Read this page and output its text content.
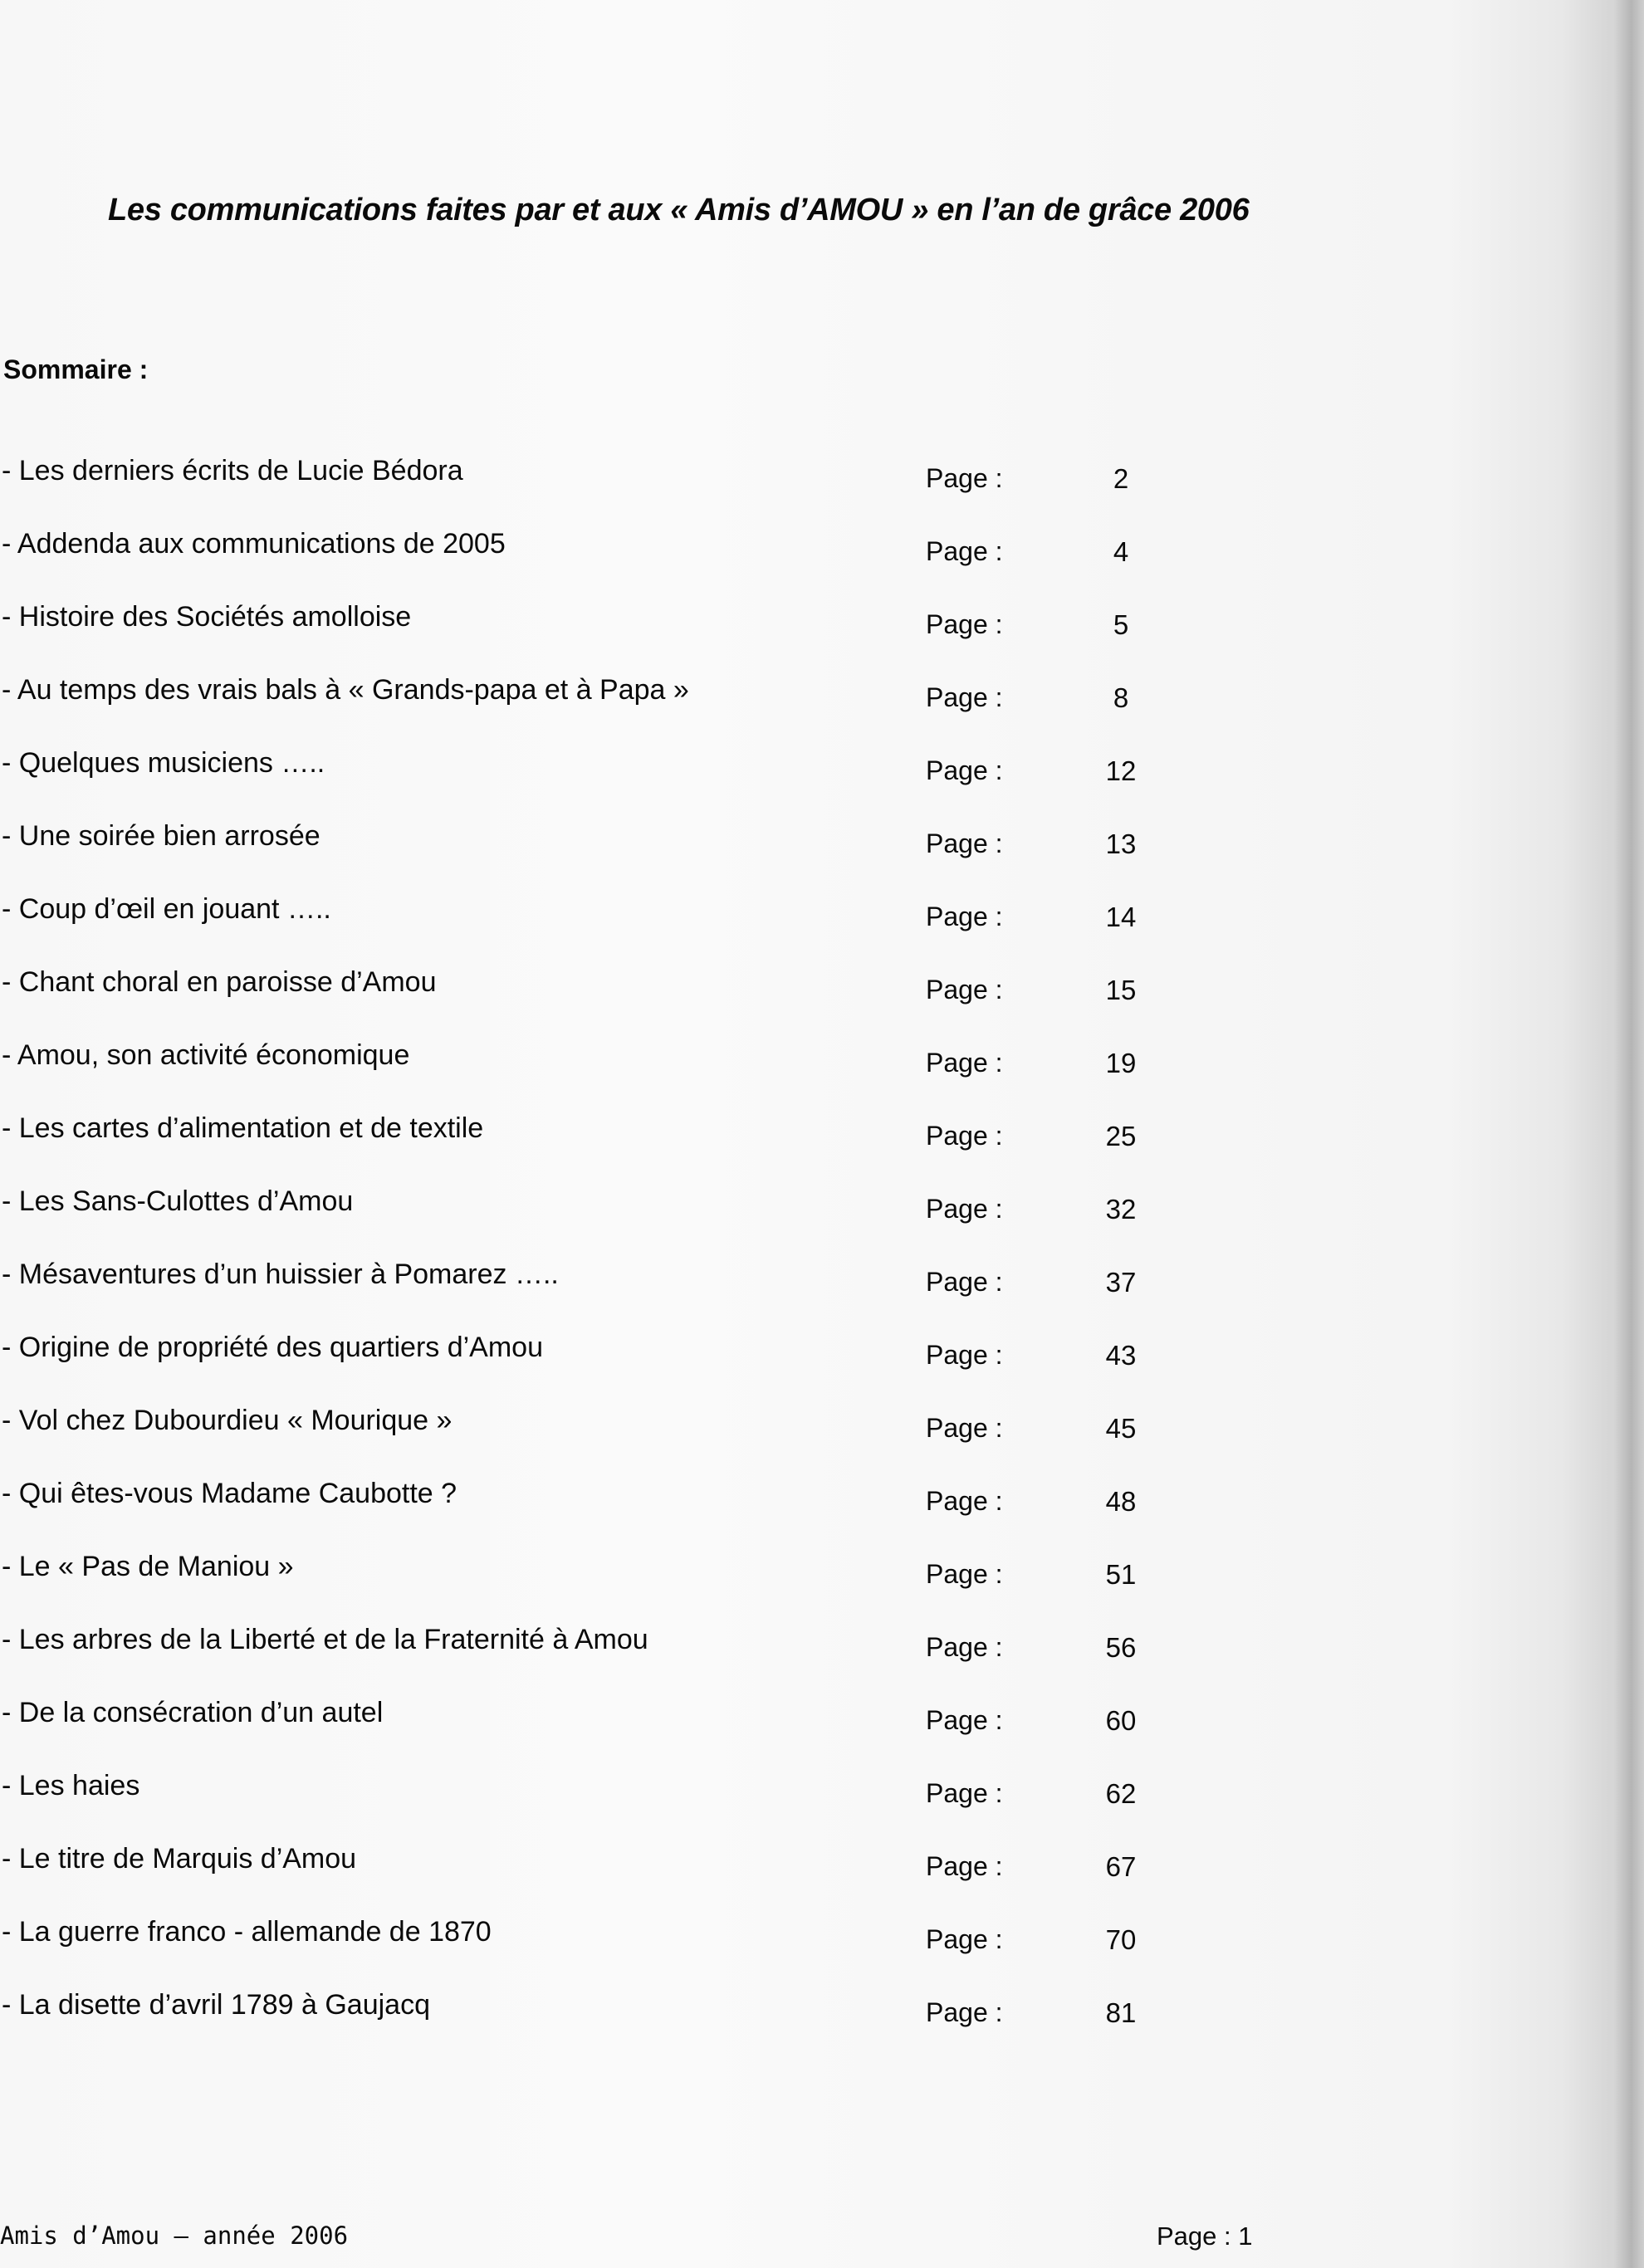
Les communications faites par et aux « Amis d’AMOU » en l’an de grâce 2006
Sommaire :
- Les derniers écrits de Lucie Bédora	Page :	2
- Addenda aux communications de 2005	Page :	4
- Histoire des Sociétés amolloise	Page :	5
- Au temps des vrais bals à « Grands-papa et à Papa »	Page :	8
- Quelques musiciens …..	Page :	12
- Une soirée bien arrosée	Page :	13
- Coup d’œil en jouant …..	Page :	14
- Chant choral en paroisse d’Amou	Page :	15
- Amou, son activité économique	Page :	19
- Les cartes d’alimentation et de textile	Page :	25
- Les Sans-Culottes d’Amou	Page :	32
- Mésaventures d’un huissier à Pomarez …..	Page :	37
- Origine de propriété des quartiers d’Amou	Page :	43
- Vol chez Dubourdieu « Mourique »	Page :	45
- Qui êtes-vous Madame Caubotte ?	Page :	48
- Le « Pas de Maniou »	Page :	51
- Les arbres de la Liberté et de la Fraternité à Amou	Page :	56
- De la consécration d’un autel	Page :	60
- Les haies	Page :	62
- Le titre de Marquis d’Amou	Page :	67
- La guerre franco - allemande de 1870	Page :	70
- La disette d’avril 1789 à Gaujacq	Page :	81
Amis d’Amou – année 2006	Page : 1
